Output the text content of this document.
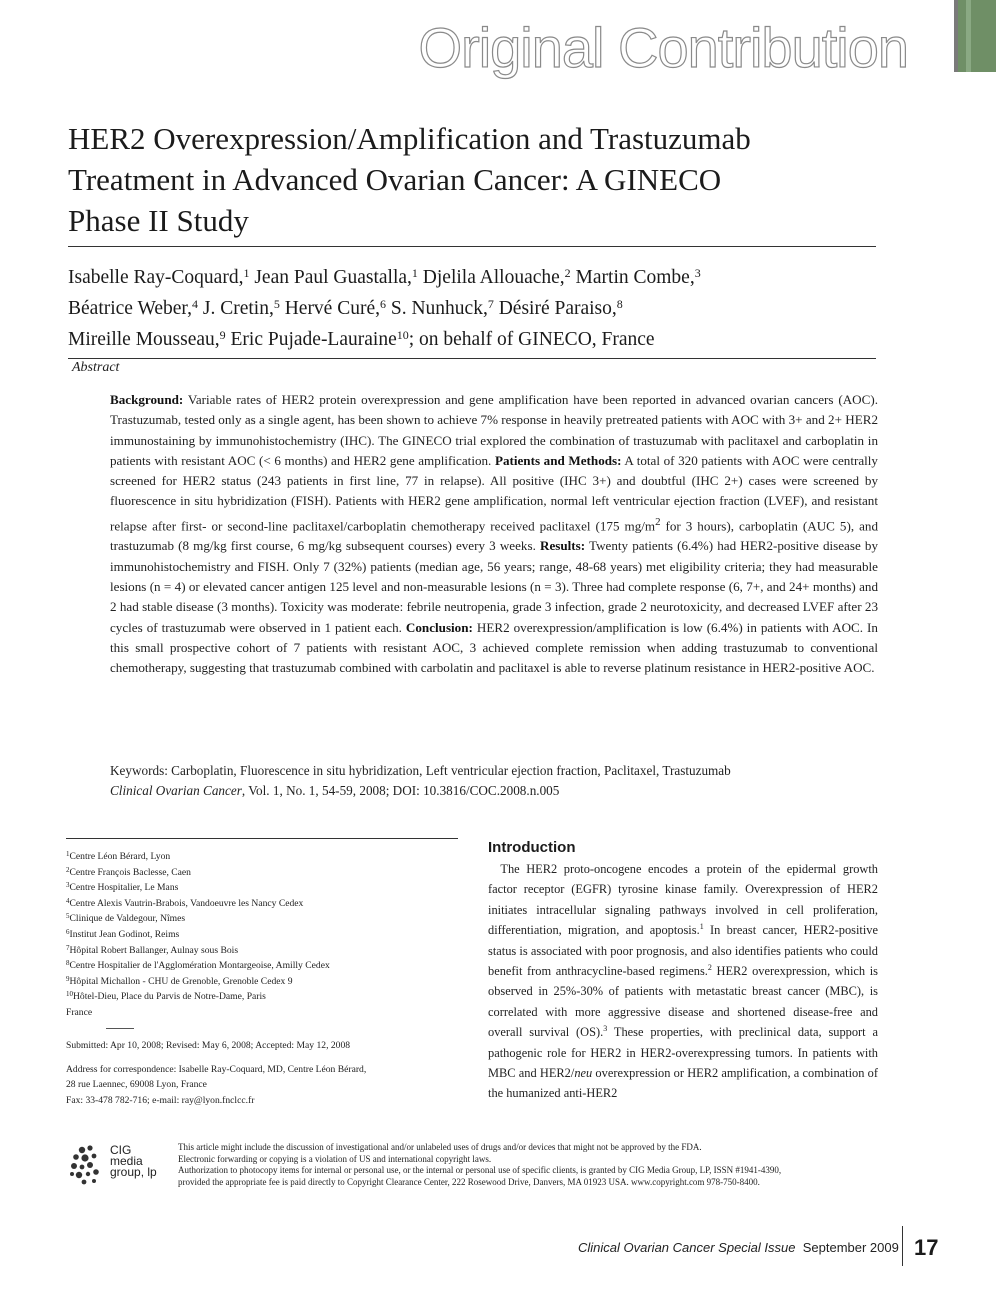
Original Contribution
HER2 Overexpression/Amplification and Trastuzumab
Treatment in Advanced Ovarian Cancer: A GINECO
Phase II Study
Isabelle Ray-Coquard,$^1$ Jean Paul Guastalla,$^1$ Djelila Allouache,$^2$ Martin Combe,$^3$
Béatrice Weber,$^4$ J. Cretin,$^5$ Hervé Curé,$^6$ S. Nunhuck,$^7$ Désiré Paraiso,$^8$
Mireille Mousseau,$^9$ Eric Pujade-Lauraine$^{10}$; on behalf of GINECO, France
Abstract

Background: Variable rates of HER2 protein overexpression and gene amplification have been reported in advanced ovarian cancers (AOC). Trastuzumab, tested only as a single agent, has been shown to achieve 7% response in heavily pretreated patients with AOC with 3+ and 2+ HER2 immunostaining by immunohistochemistry (IHC). The GINECO trial explored the combination of trastuzumab with paclitaxel and carboplatin in patients with resistant AOC (< 6 months) and HER2 gene amplification. Patients and Methods: A total of 320 patients with AOC were centrally screened for HER2 status (243 patients in first line, 77 in relapse). All positive (IHC 3+) and doubtful (IHC 2+) cases were screened by fluorescence in situ hybridization (FISH). Patients with HER2 gene amplification, normal left ventricular ejection fraction (LVEF), and resistant relapse after first- or second-line paclitaxel/carboplatin chemotherapy received paclitaxel (175 $mg/m^2$ for 3 hours), carboplatin (AUC 5), and trastuzumab (8 mg/kg first course, 6 mg/kg subsequent courses) every 3 weeks. Results: Twenty patients (6.4%) had HER2-positive disease by immunohistochemistry and FISH. Only 7 (32%) patients (median age, 56 years; range, 48-68 years) met eligibility criteria; they had measurable lesions (n = 4) or elevated cancer antigen 125 level and non-measurable lesions (n = 3). Three had complete response (6, 7+, and 24+ months) and 2 had stable disease (3 months). Toxicity was moderate: febrile neutropenia, grade 3 infection, grade 2 neurotoxicity, and decreased LVEF after 23 cycles of trastuzumab were observed in 1 patient each. Conclusion: HER2 overexpression/amplification is low (6.4%) in patients with AOC. In this small prospective cohort of 7 patients with resistant AOC, 3 achieved complete remission when adding trastuzumab to conventional chemotherapy, suggesting that trastuzumab combined with carbolatin and paclitaxel is able to reverse platinum resistance in HER2-positive AOC.

Keywords: Carboplatin, Fluorescence in situ hybridization, Left ventricular ejection fraction, Paclitaxel, Trastuzumab
Clinical Ovarian Cancer, Vol. 1, No. 1, 54-59, 2008; DOI: 10.3816/COC.2008.n.005
$^1$Centre Léon Bérard, Lyon
$^2$Centre François Baclesse, Caen
$^3$Centre Hospitalier, Le Mans
$^4$Centre Alexis Vautrin-Brabois, Vandoeuvre les Nancy Cedex
$^5$Clinique de Valdegour, Nîmes
$^6$Institut Jean Godinot, Reims
$^7$Hôpital Robert Ballanger, Aulnay sous Bois
$^8$Centre Hospitalier de l'Agglomération Montargeoise, Amilly Cedex
$^9$Hôpital Michallon - CHU de Grenoble, Grenoble Cedex 9
$^{10}$Hôtel-Dieu, Place du Parvis de Notre-Dame, Paris
France
Submitted: Apr 10, 2008; Revised: May 6, 2008; Accepted: May 12, 2008
Address for correspondence: Isabelle Ray-Coquard, MD, Centre Léon Bérard,
28 rue Laennec, 69008 Lyon, France
Fax: 33-478 782-716; e-mail: ray@lyon.fnclcc.fr
Introduction

 The HER2 proto-oncogene encodes a protein of the epidermal growth factor receptor (EGFR) tyrosine kinase family. Overexpression of HER2 initiates intracellular signaling pathways involved in cell proliferation, differentiation, migration, and apoptosis.$^1$ In breast cancer, HER2-positive status is associated with poor prognosis, and also identifies patients who could benefit from anthracycline-based regimens.$^2$ HER2 overexpression, which is observed in 25%-30% of patients with metastatic breast cancer (MBC), is correlated with more aggressive disease and shortened disease-free and overall survival (OS).$^3$ These properties, with preclinical data, support a pathogenic role for HER2 in HER2-overexpressing tumors. In patients with MBC and HER2/neu overexpression or HER2 amplification, a combination of the humanized anti-HER2

CIG
media
group, lp
This article might include the discussion of investigational and/or unlabeled uses of drugs and/or devices that might not be approved by the FDA.
Electronic forwarding or copying is a violation of US and international copyright laws.
Authorization to photocopy items for internal or personal use, or the internal or personal use of specific clients, is granted by CIG Media Group, LP, ISSN #1941-4390,
provided the appropriate fee is paid directly to Copyright Clearance Center, 222 Rosewood Drive, Danvers, MA 01923 USA. www.copyright.com 978-750-8400.
Clinical Ovarian Cancer Special Issue September 2009 17
